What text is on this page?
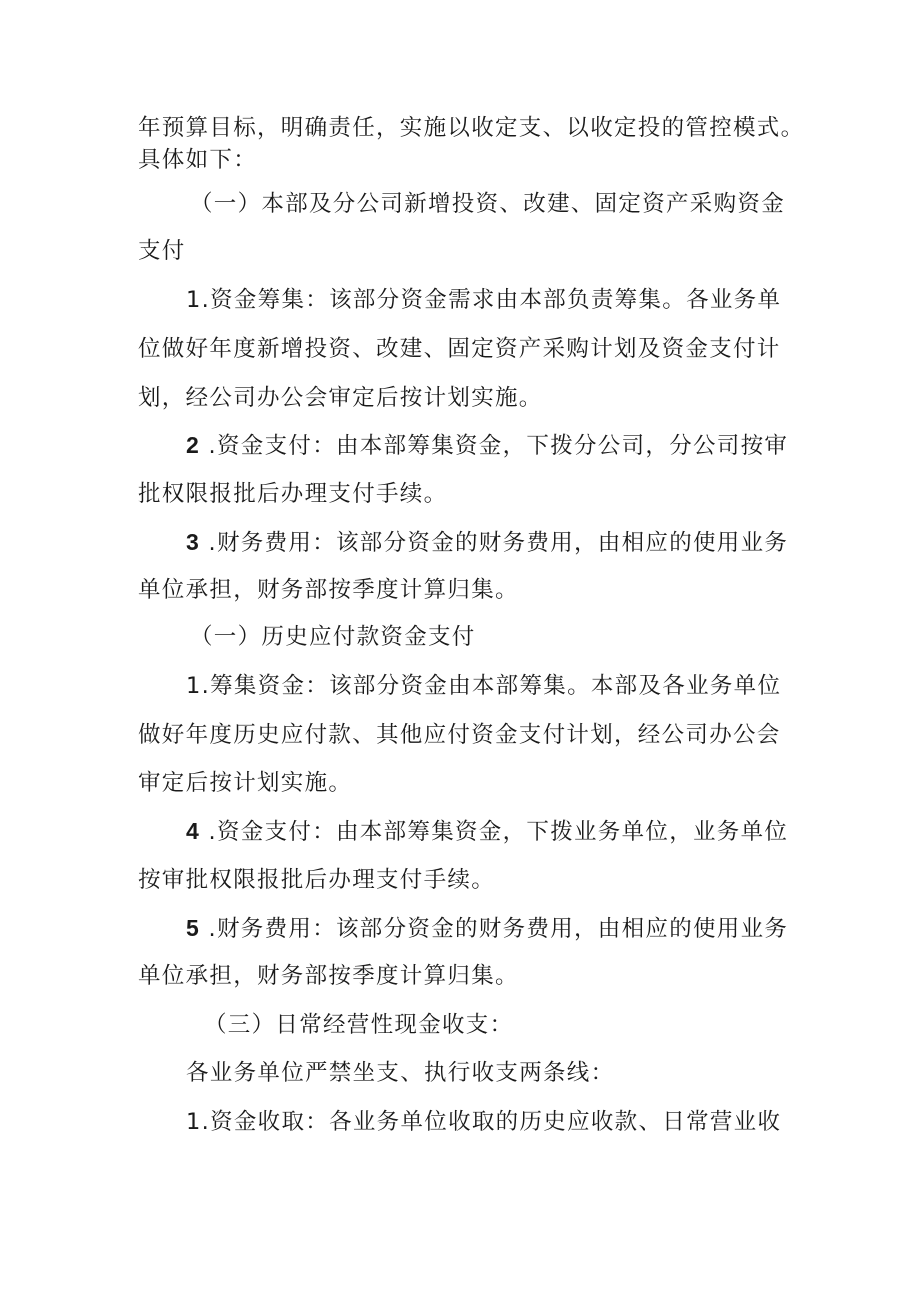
年预算目标，明确责任，实施以收定支、以收定投的管控模式。
具体如下：
（一）本部及分公司新增投资、改建、固定资产采购资金
支付
1.资金筹集：该部分资金需求由本部负责筹集。各业务单
位做好年度新增投资、改建、固定资产采购计划及资金支付计
划，经公司办公会审定后按计划实施。
2 .资金支付：由本部筹集资金，下拨分公司，分公司按审
批权限报批后办理支付手续。
3 .财务费用：该部分资金的财务费用，由相应的使用业务
单位承担，财务部按季度计算归集。
（一）历史应付款资金支付
1.筹集资金：该部分资金由本部筹集。本部及各业务单位
做好年度历史应付款、其他应付资金支付计划，经公司办公会
审定后按计划实施。
4 .资金支付：由本部筹集资金，下拨业务单位，业务单位
按审批权限报批后办理支付手续。
5 .财务费用：该部分资金的财务费用，由相应的使用业务
单位承担，财务部按季度计算归集。
（三）日常经营性现金收支：
各业务单位严禁坐支、执行收支两条线：
1.资金收取：各业务单位收取的历史应收款、日常营业收
